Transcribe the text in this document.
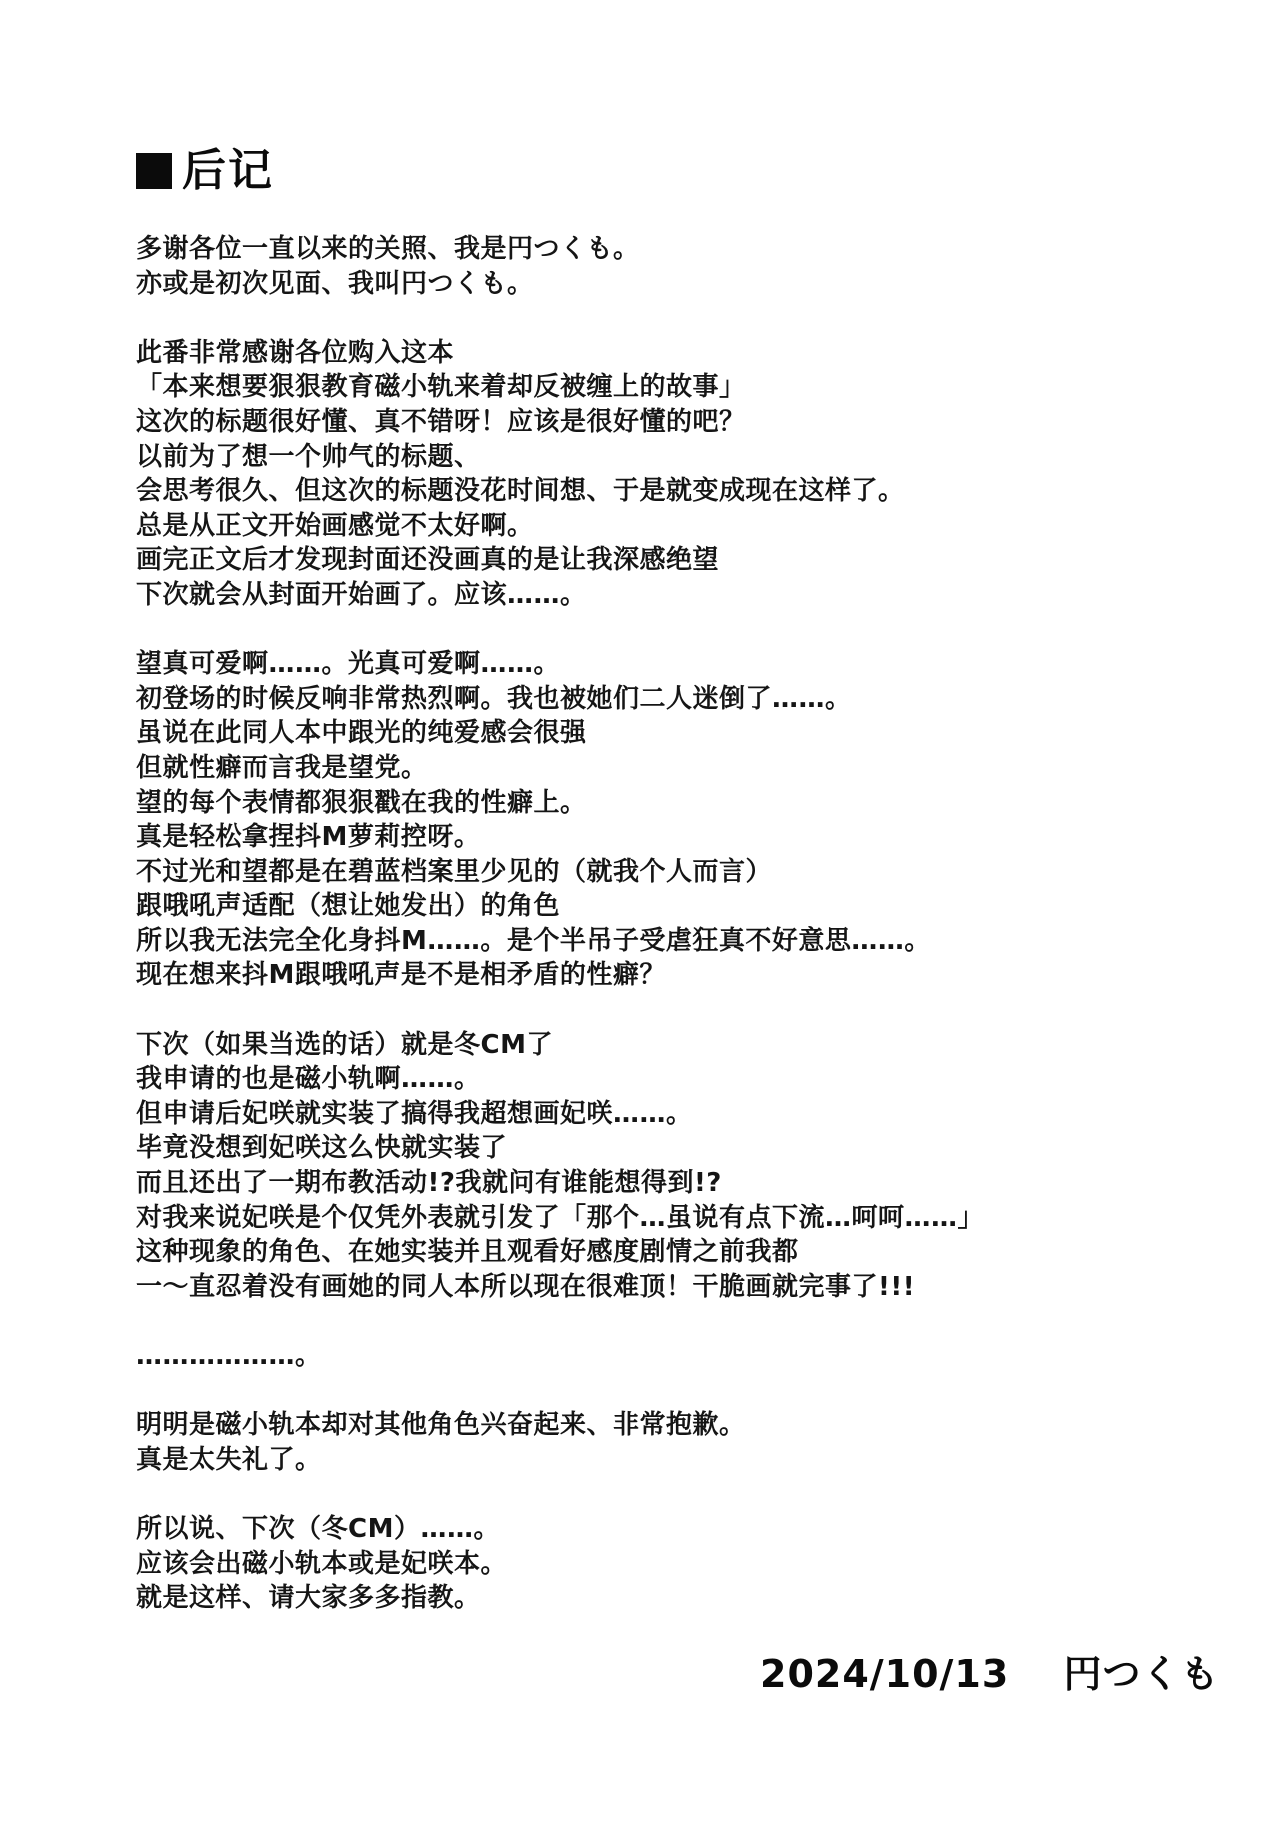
后记
多谢各位一直以来的关照、我是円つくも。
亦或是初次见面、我叫円つくも。
此番非常感谢各位购入这本
「本来想要狠狠教育磁小轨来着却反被缠上的故事」
这次的标题很好懂、真不错呀！应该是很好懂的吧？
以前为了想一个帅气的标题、
会思考很久、但这次的标题没花时间想、于是就变成现在这样了。
总是从正文开始画感觉不太好啊。
画完正文后才发现封面还没画真的是让我深感绝望
下次就会从封面开始画了。应该……。
望真可爱啊……。光真可爱啊……。
初登场的时候反响非常热烈啊。我也被她们二人迷倒了……。
虽说在此同人本中跟光的纯爱感会很强
但就性癖而言我是望党。
望的每个表情都狠狠戳在我的性癖上。
真是轻松拿捏抖M萝莉控呀。
不过光和望都是在碧蓝档案里少见的（就我个人而言）
跟哦吼声适配（想让她发出）的角色
所以我无法完全化身抖M……。是个半吊子受虐狂真不好意思……。
现在想来抖M跟哦吼声是不是相矛盾的性癖？
下次（如果当选的话）就是冬CM了
我申请的也是磁小轨啊……。
但申请后妃咲就实装了搞得我超想画妃咲……。
毕竟没想到妃咲这么快就实装了
而且还出了一期布教活动!?我就问有谁能想得到!?
对我来说妃咲是个仅凭外表就引发了「那个…虽说有点下流…呵呵……」
这种现象的角色、在她实装并且观看好感度剧情之前我都
一〜直忍着没有画她的同人本所以现在很难顶！干脆画就完事了!!!
………………。
明明是磁小轨本却对其他角色兴奋起来、非常抱歉。
真是太失礼了。
所以说、下次（冬CM）……。
应该会出磁小轨本或是妃咲本。
就是这样、请大家多多指教。
2024/10/13 円つくも
